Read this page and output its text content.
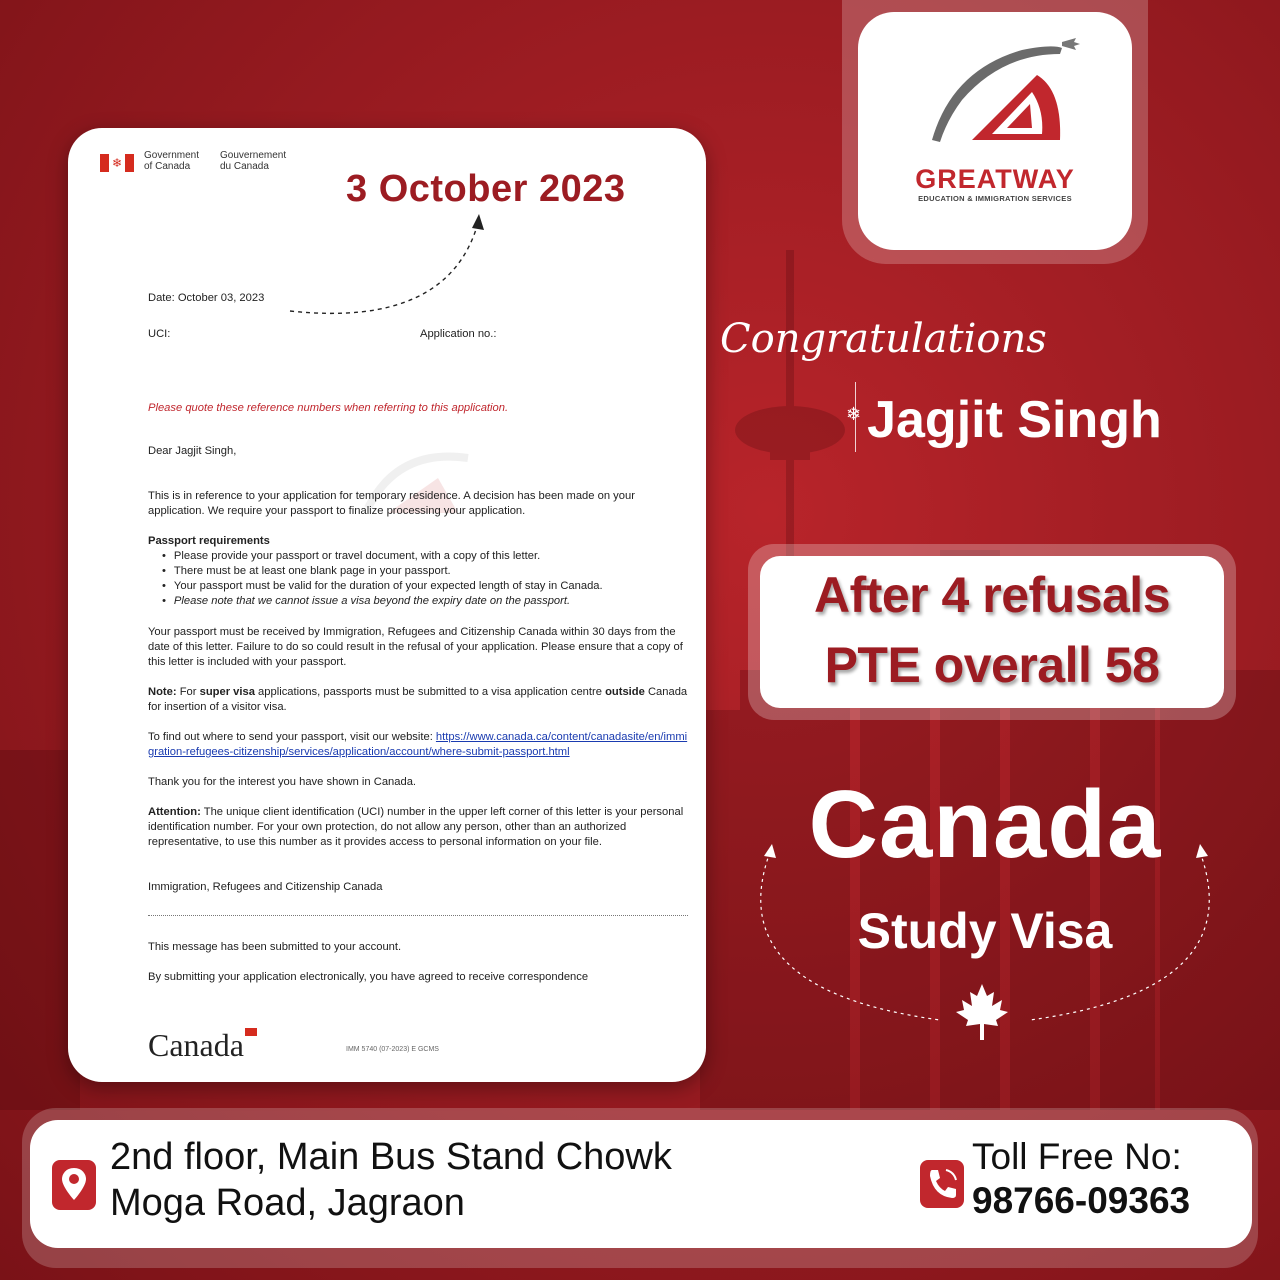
❄
Government of Canada
Gouvernement du Canada
3 October 2023
Date: October 03, 2023
UCI:	Application no.:
Please quote these reference numbers when referring to this application.
Dear Jagjit Singh,
This is in reference to your application for temporary residence. A decision has been made on your application. We require your passport to finalize processing your application.

Passport requirements

• Please provide your passport or travel document, with a copy of this letter.
• There must be at least one blank page in your passport.
• Your passport must be valid for the duration of your expected length of stay in Canada.
• Please note that we cannot issue a visa beyond the expiry date on the passport.
Your passport must be received by Immigration, Refugees and Citizenship Canada within 30 days from the date of this letter. Failure to do so could result in the refusal of your application. Please ensure that a copy of this letter is included with your passport.
Note: For super visa applications, passports must be submitted to a visa application centre outside Canada for insertion of a visitor visa.
To find out where to send your passport, visit our website: https://www.canada.ca/content/canadasite/en/immigration-refugees-citizenship/services/application/account/where-submit-passport.html
Thank you for the interest you have shown in Canada.
Attention: The unique client identification (UCI) number in the upper left corner of this letter is your personal identification number. For your own protection, do not allow any person, other than an authorized representative, to use this number as it provides access to personal information on your file.
Immigration, Refugees and Citizenship Canada
This message has been submitted to your account.
By submitting your application electronically, you have agreed to receive correspondence
Canada	IMM 5740 (07-2023) E GCMS
GREATWAY
EDUCATION & IMMIGRATION SERVICES
Congratulations
❄ Jagjit Singh
After 4 refusals
PTE overall 58
Canada
Study Visa
2nd floor, Main Bus Stand Chowk
Moga Road, Jagraon
Toll Free No:
98766-09363
